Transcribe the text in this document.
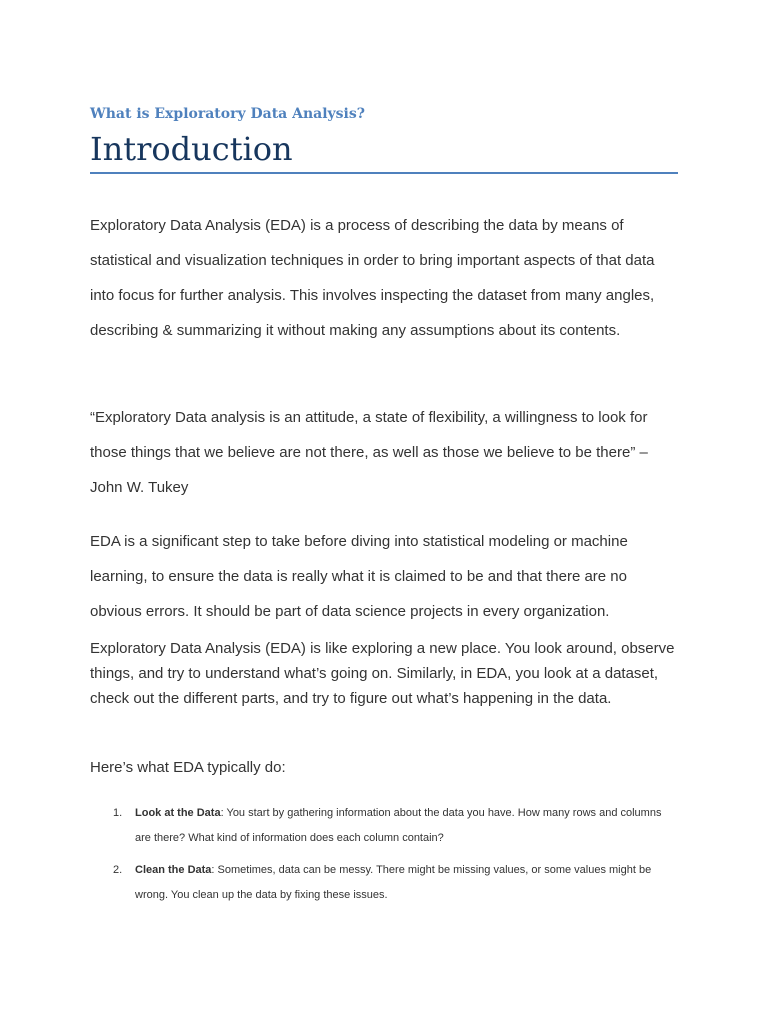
What is Exploratory Data Analysis?
Introduction

Exploratory Data Analysis (EDA) is a process of describing the data by means of statistical and visualization techniques in order to bring important aspects of that data into focus for further analysis. This involves inspecting the dataset from many angles, describing & summarizing it without making any assumptions about its contents.

“Exploratory Data analysis is an attitude, a state of flexibility, a willingness to look for those things that we believe are not there, as well as those we believe to be there” – John W. Tukey

EDA is a significant step to take before diving into statistical modeling or machine learning, to ensure the data is really what it is claimed to be and that there are no obvious errors. It should be part of data science projects in every organization.

Exploratory Data Analysis (EDA) is like exploring a new place. You look around, observe things, and try to understand what’s going on. Similarly, in EDA, you look at a dataset, check out the different parts, and try to figure out what’s happening in the data.

Here’s what EDA typically do:

1. Look at the Data: You start by gathering information about the data you have. How many rows and columns are there? What kind of information does each column contain?
2. Clean the Data: Sometimes, data can be messy. There might be missing values, or some values might be wrong. You clean up the data by fixing these issues.
